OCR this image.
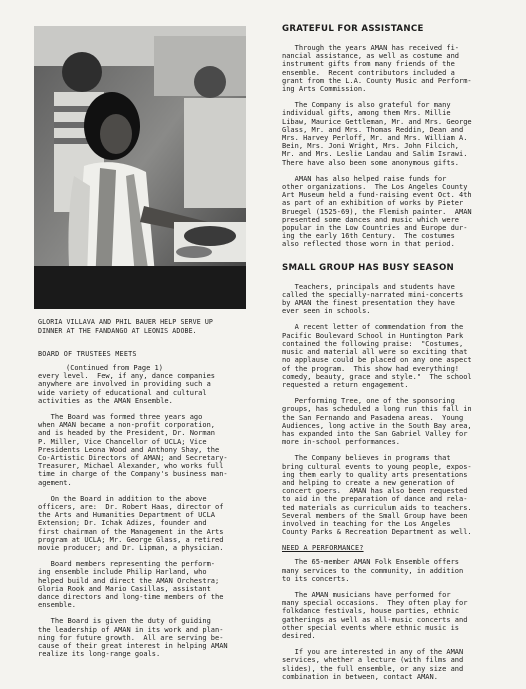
GLORIA VILLAVA AND PHIL BAUER HELP SERVE UP
DINNER AT THE FANDANGO AT LEONIS ADOBE.
BOARD OF TRUSTEES MEETS
(Continued from Page 1)
every level.  Few, if any, dance companies
anywhere are involved in providing such a
wide variety of educational and cultural
activities as the AMAN Ensemble.
The Board was formed three years ago
when AMAN became a non-profit corporation,
and is headed by the President, Dr. Norman
P. Miller, Vice Chancellor of UCLA; Vice
Presidents Leona Wood and Anthony Shay, the
Co-Artistic Directors of AMAN; and Secretary-
Treasurer, Michael Alexander, who works full
time in charge of the Company's business man-
agement.
On the Board in addition to the above
officers, are:  Dr. Robert Haas, director of
the Arts and Humanities Department of UCLA
Extension; Dr. Ichak Adizes, founder and
first chairman of the Management in the Arts
program at UCLA; Mr. George Glass, a retired
movie producer; and Dr. Lipman, a physician.
Board members representing the perform-
ing ensemble include Philip Harland, who
helped build and direct the AMAN Orchestra;
Gloria Rook and Mario Casillas, assistant
dance directors and long-time members of the
ensemble.
The Board is given the duty of guiding
the leadership of AMAN in its work and plan-
ning for future growth.  All are serving be-
cause of their great interest in helping AMAN
realize its long-range goals.
GRATEFUL FOR ASSISTANCE
Through the years AMAN has received fi-
nancial assistance, as well as costume and
instrument gifts from many friends of the
ensemble.  Recent contributors included a
grant from the L.A. County Music and Perform-
ing Arts Commission.
The Company is also grateful for many
individual gifts, among them Mrs. Millie
Libaw, Maurice Gettleman, Mr. and Mrs. George
Glass, Mr. and Mrs. Thomas Reddin, Dean and
Mrs. Harvey Perloff, Mr. and Mrs. William A.
Bein, Mrs. Joni Wright, Mrs. John Filcich,
Mr. and Mrs. Leslie Landau and Salim Israwi.
There have also been some anonymous gifts.
AMAN has also helped raise funds for
other organizations.  The Los Angeles County
Art Museum held a fund-raising event Oct. 4th
as part of an exhibition of works by Pieter
Bruegel (1525-69), the Flemish painter.  AMAN
presented some dances and music which were
popular in the Low Countries and Europe dur-
ing the early 16th Century.  The costumes
also reflected those worn in that period.
SMALL GROUP HAS BUSY SEASON
Teachers, principals and students have
called the specially-narrated mini-concerts
by AMAN the finest presentation they have
ever seen in schools.
A recent letter of commendation from the
Pacific Boulevard School in Huntington Park
contained the following praise:  "Costumes,
music and material all were so exciting that
no applause could be placed on any one aspect
of the program.  This show had everything!
comedy, beauty, grace and style."  The school
requested a return engagement.
Performing Tree, one of the sponsoring
groups, has scheduled a long run this fall in
the San Fernando and Pasadena areas.  Young
Audiences, long active in the South Bay area,
has expanded into the San Gabriel Valley for
more in-school performances.
The Company believes in programs that
bring cultural events to young people, expos-
ing them early to quality arts presentations
and helping to create a new generation of
concert goers.  AMAN has also been requested
to aid in the preparation of dance and rela-
ted materials as curriculum aids to teachers.
Several members of the Small Group have been
involved in teaching for the Los Angeles
County Parks & Recreation Department as well.
NEED A PERFORMANCE?
The 65-member AMAN Folk Ensemble offers
many services to the community, in addition
to its concerts.
The AMAN musicians have performed for
many special occasions.  They often play for
folkdance festivals, house parties, ethnic
gatherings as well as all-music concerts and
other special events where ethnic music is
desired.
If you are interested in any of the AMAN
services, whether a lecture (with films and
slides), the full ensemble, or any size and
combination in between, contact AMAN.
